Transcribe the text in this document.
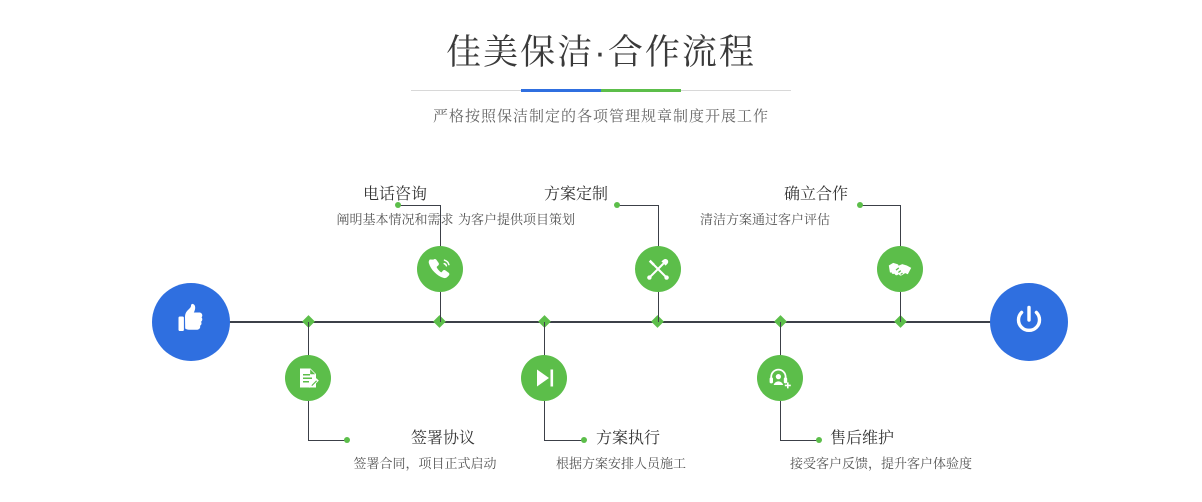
佳美保洁·合作流程
严格按照保洁制定的各项管理规章制度开展工作
电话咨询
阐明基本情况和需求
签署协议
签署合同，项目正式启动
方案定制
为客户提供项目策划
方案执行
根据方案安排人员施工
确立合作
清洁方案通过客户评估
售后维护
接受客户反馈，提升客户体验度
